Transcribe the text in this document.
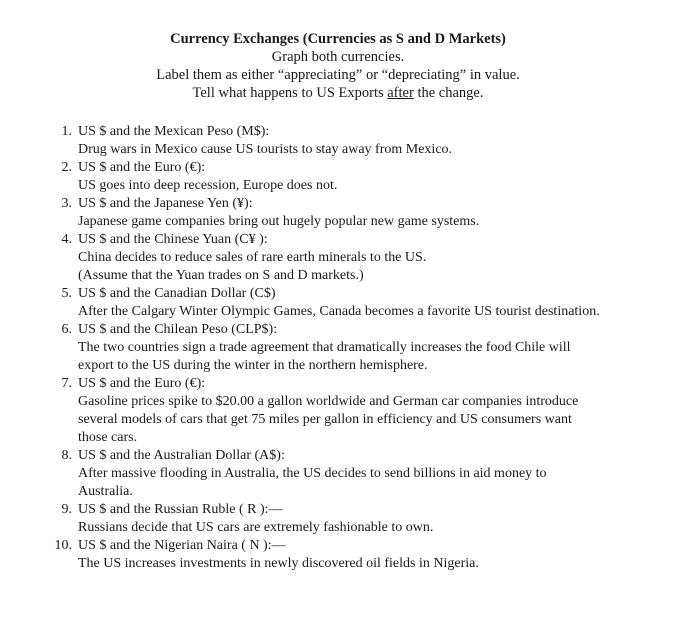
Currency Exchanges (Currencies as S and D Markets)
Graph both currencies.
Label them as either “appreciating” or “depreciating” in value.
Tell what happens to US Exports after the change.
1. US $ and the Mexican Peso (M$):
Drug wars in Mexico cause US tourists to stay away from Mexico.
2. US $ and the Euro (€):
US goes into deep recession, Europe does not.
3. US $ and the Japanese Yen (¥):
Japanese game companies bring out hugely popular new game systems.
4. US $ and the Chinese Yuan (C¥ ):
China decides to reduce sales of rare earth minerals to the US.
(Assume that the Yuan trades on S and D markets.)
5. US $ and the Canadian Dollar (C$)
After the Calgary Winter Olympic Games, Canada becomes a favorite US tourist destination.
6. US $ and the Chilean Peso (CLP$):
The two countries sign a trade agreement that dramatically increases the food Chile will
export to the US during the winter in the northern hemisphere.
7. US $ and the Euro (€):
Gasoline prices spike to $20.00 a gallon worldwide and German car companies introduce
several models of cars that get 75 miles per gallon in efficiency and US consumers want
those cars.
8. US $ and the Australian Dollar (A$):
After massive flooding in Australia, the US decides to send billions in aid money to
Australia.
9. US $ and the Russian Ruble ( R ):—
Russians decide that US cars are extremely fashionable to own.
10. US $ and the Nigerian Naira ( N ):—
The US increases investments in newly discovered oil fields in Nigeria.
